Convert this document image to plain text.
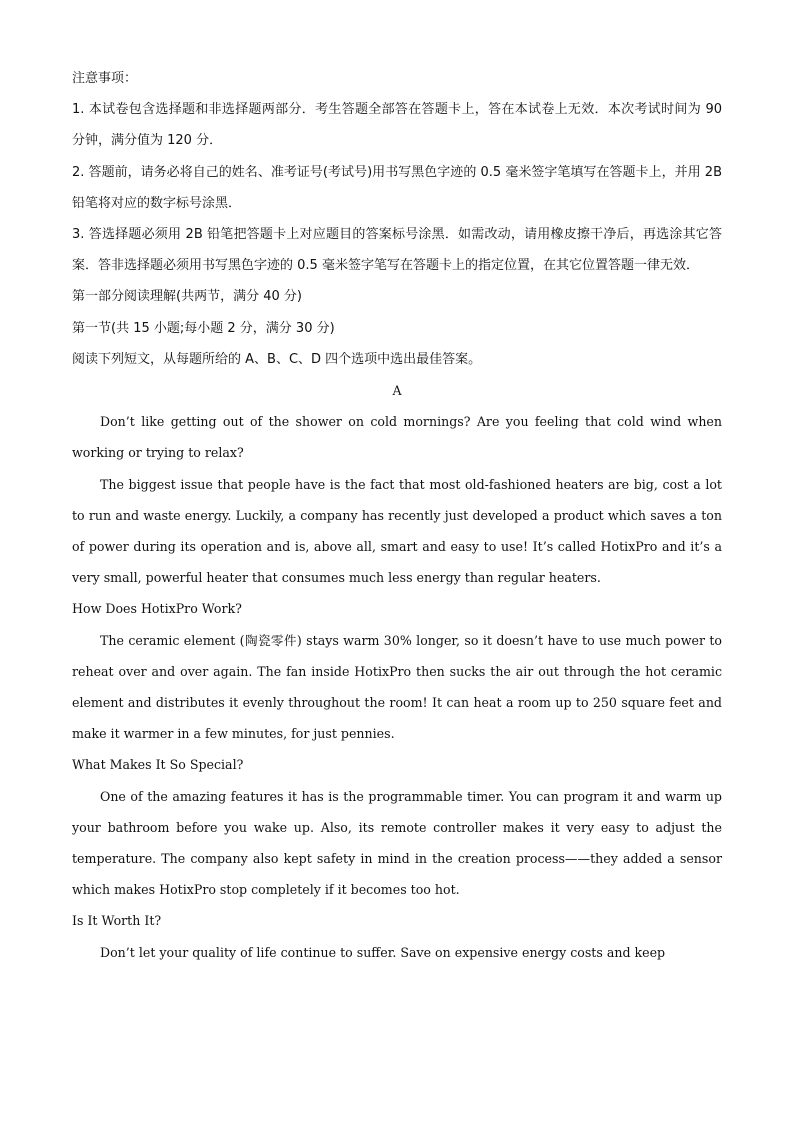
注意事项：

1. 本试卷包含选择题和非选择题两部分．考生答题全部答在答题卡上，答在本试卷上无效．本次考试时间为 90 分钟，满分值为 120 分．

2. 答题前，请务必将自己的姓名、准考证号(考试号)用书写黑色字迹的 0.5 毫米签字笔填写在答题卡上，并用 2B 铅笔将对应的数字标号涂黑．

3. 答选择题必须用 2B 铅笔把答题卡上对应题目的答案标号涂黑．如需改动，请用橡皮擦干净后，再选涂其它答案．答非选择题必须用书写黑色字迹的 0.5 毫米签字笔写在答题卡上的指定位置，在其它位置答题一律无效．

第一部分阅读理解(共两节，满分 40 分)

第一节(共 15 小题;每小题 2 分，满分 30 分)

阅读下列短文，从每题所给的 A、B、C、D 四个选项中选出最佳答案。

A

Don’t like getting out of the shower on cold mornings? Are you feeling that cold wind when working or trying to relax?

The biggest issue that people have is the fact that most old-fashioned heaters are big, cost a lot to run and waste energy. Luckily, a company has recently just developed a product which saves a ton of power during its operation and is, above all, smart and easy to use! It’s called HotixPro and it’s a very small, powerful heater that consumes much less energy than regular heaters.

How Does HotixPro Work?

The ceramic element (陶瓷零件) stays warm 30% longer, so it doesn’t have to use much power to reheat over and over again. The fan inside HotixPro then sucks the air out through the hot ceramic element and distributes it evenly throughout the room! It can heat a room up to 250 square feet and make it warmer in a few minutes, for just pennies.

What Makes It So Special?

One of the amazing features it has is the programmable timer. You can program it and warm up your bathroom before you wake up. Also, its remote controller makes it very easy to adjust the temperature. The company also kept safety in mind in the creation process——they added a sensor which makes HotixPro stop completely if it becomes too hot.

Is It Worth It?

Don’t let your quality of life continue to suffer. Save on expensive energy costs and keep
